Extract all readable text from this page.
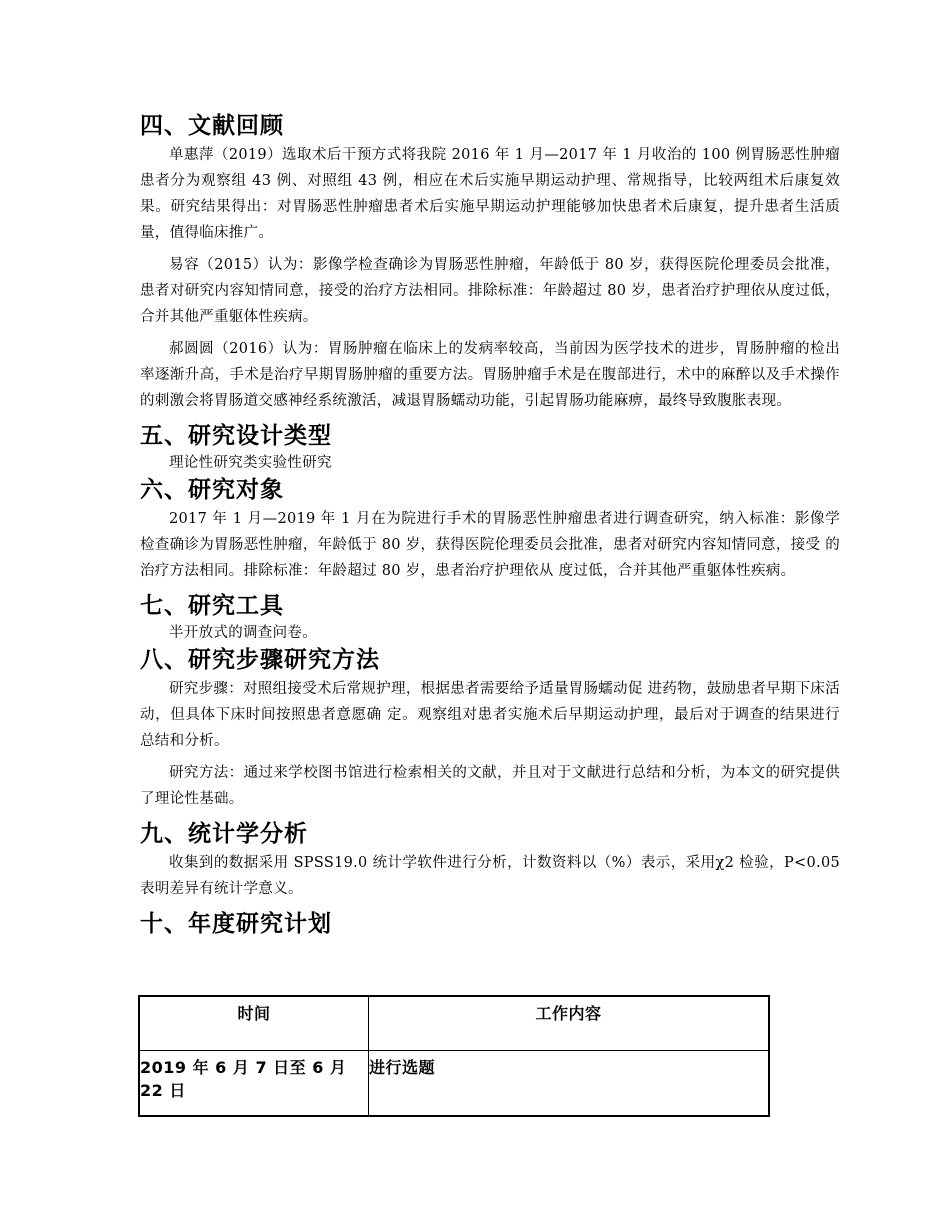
四、文献回顾

单惠萍（2019）选取术后干预方式将我院 2016 年 1 月—2017 年 1 月收治的 100 例胃肠恶性肿瘤患者分为观察组 43 例、对照组 43 例，相应在术后实施早期运动护理、常规指导，比较两组术后康复效果。研究结果得出：对胃肠恶性肿瘤患者术后实施早期运动护理能够加快患者术后康复，提升患者生活质量，值得临床推广。

易容（2015）认为：影像学检查确诊为胃肠恶性肿瘤，年龄低于 80 岁，获得医院伦理委员会批准，患者对研究内容知情同意，接受的治疗方法相同。排除标准：年龄超过 80 岁，患者治疗护理依从度过低，合并其他严重躯体性疾病。

郝圆圆（2016）认为：胃肠肿瘤在临床上的发病率较高，当前因为医学技术的进步，胃肠肿瘤的检出率逐渐升高，手术是治疗早期胃肠肿瘤的重要方法。胃肠肿瘤手术是在腹部进行，术中的麻醉以及手术操作的刺激会将胃肠道交感神经系统激活，减退胃肠蠕动功能，引起胃肠功能麻痹，最终导致腹胀表现。

五、研究设计类型

理论性研究类实验性研究

六、研究对象

2017 年 1 月—2019 年 1 月在为院进行手术的胃肠恶性肿瘤患者进行调查研究，纳入标准：影像学检查确诊为胃肠恶性肿瘤，年龄低于 80 岁，获得医院伦理委员会批准，患者对研究内容知情同意，接受 的治疗方法相同。排除标准：年龄超过 80 岁，患者治疗护理依从 度过低，合并其他严重躯体性疾病。

七、研究工具

半开放式的调查问卷。

八、研究步骤研究方法

研究步骤：对照组接受术后常规护理，根据患者需要给予适量胃肠蠕动促 进药物，鼓励患者早期下床活动，但具体下床时间按照患者意愿确 定。观察组对患者实施术后早期运动护理，最后对于调查的结果进行总结和分析。

研究方法：通过来学校图书馆进行检索相关的文献，并且对于文献进行总结和分析，为本文的研究提供了理论性基础。

九、统计学分析

收集到的数据采用 SPSS19.0 统计学软件进行分析，计数资料以（%）表示，采用χ2 检验，P<0.05 表明差异有统计学意义。

十、年度研究计划
时间	工作内容
2019 年 6 月 7 日至 6 月 22 日	进行选题
